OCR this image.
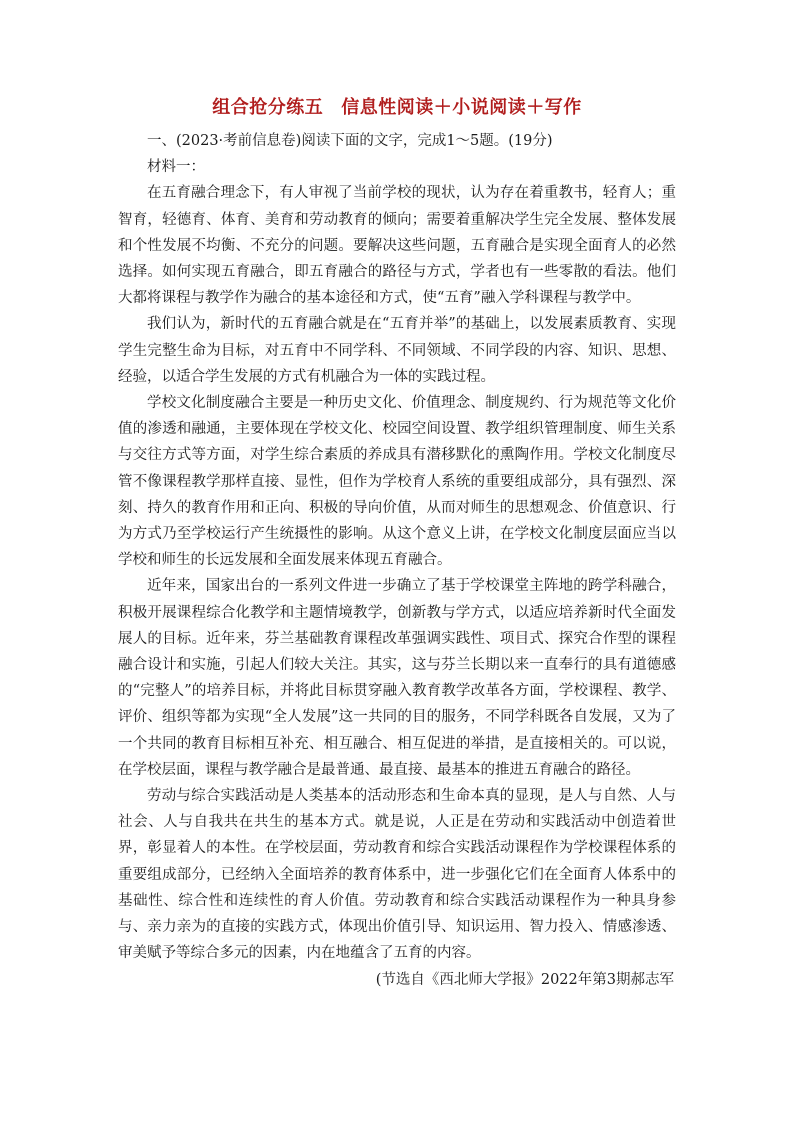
组合抢分练五 信息性阅读＋小说阅读＋写作

一、(2023·考前信息卷)阅读下面的文字，完成1～5题。(19分)

材料一：

在五育融合理念下，有人审视了当前学校的现状，认为存在着重教书，轻育人；重智育，轻德育、体育、美育和劳动教育的倾向；需要着重解决学生完全发展、整体发展和个性发展不均衡、不充分的问题。要解决这些问题，五育融合是实现全面育人的必然选择。如何实现五育融合，即五育融合的路径与方式，学者也有一些零散的看法。他们大都将课程与教学作为融合的基本途径和方式，使“五育”融入学科课程与教学中。

我们认为，新时代的五育融合就是在“五育并举”的基础上，以发展素质教育、实现学生完整生命为目标，对五育中不同学科、不同领域、不同学段的内容、知识、思想、经验，以适合学生发展的方式有机融合为一体的实践过程。

学校文化制度融合主要是一种历史文化、价值理念、制度规约、行为规范等文化价值的渗透和融通，主要体现在学校文化、校园空间设置、教学组织管理制度、师生关系与交往方式等方面，对学生综合素质的养成具有潜移默化的熏陶作用。学校文化制度尽管不像课程教学那样直接、显性，但作为学校育人系统的重要组成部分，具有强烈、深刻、持久的教育作用和正向、积极的导向价值，从而对师生的思想观念、价值意识、行为方式乃至学校运行产生统摄性的影响。从这个意义上讲，在学校文化制度层面应当以学校和师生的长远发展和全面发展来体现五育融合。

近年来，国家出台的一系列文件进一步确立了基于学校课堂主阵地的跨学科融合，积极开展课程综合化教学和主题情境教学，创新教与学方式，以适应培养新时代全面发展人的目标。近年来，芬兰基础教育课程改革强调实践性、项目式、探究合作型的课程融合设计和实施，引起人们较大关注。其实，这与芬兰长期以来一直奉行的具有道德感的“完整人”的培养目标，并将此目标贯穿融入教育教学改革各方面，学校课程、教学、评价、组织等都为实现“全人发展”这一共同的目的服务，不同学科既各自发展，又为了一个共同的教育目标相互补充、相互融合、相互促进的举措，是直接相关的。可以说，在学校层面，课程与教学融合是最普通、最直接、最基本的推进五育融合的路径。

劳动与综合实践活动是人类基本的活动形态和生命本真的显现，是人与自然、人与社会、人与自我共在共生的基本方式。就是说，人正是在劳动和实践活动中创造着世界，彰显着人的本性。在学校层面，劳动教育和综合实践活动课程作为学校课程体系的重要组成部分，已经纳入全面培养的教育体系中，进一步强化它们在全面育人体系中的基础性、综合性和连续性的育人价值。劳动教育和综合实践活动课程作为一种具身参与、亲力亲为的直接的实践方式，体现出价值引导、知识运用、智力投入、情感渗透、审美赋予等综合多元的因素，内在地蕴含了五育的内容。

(节选自《西北师大学报》2022年第3期郝志军
